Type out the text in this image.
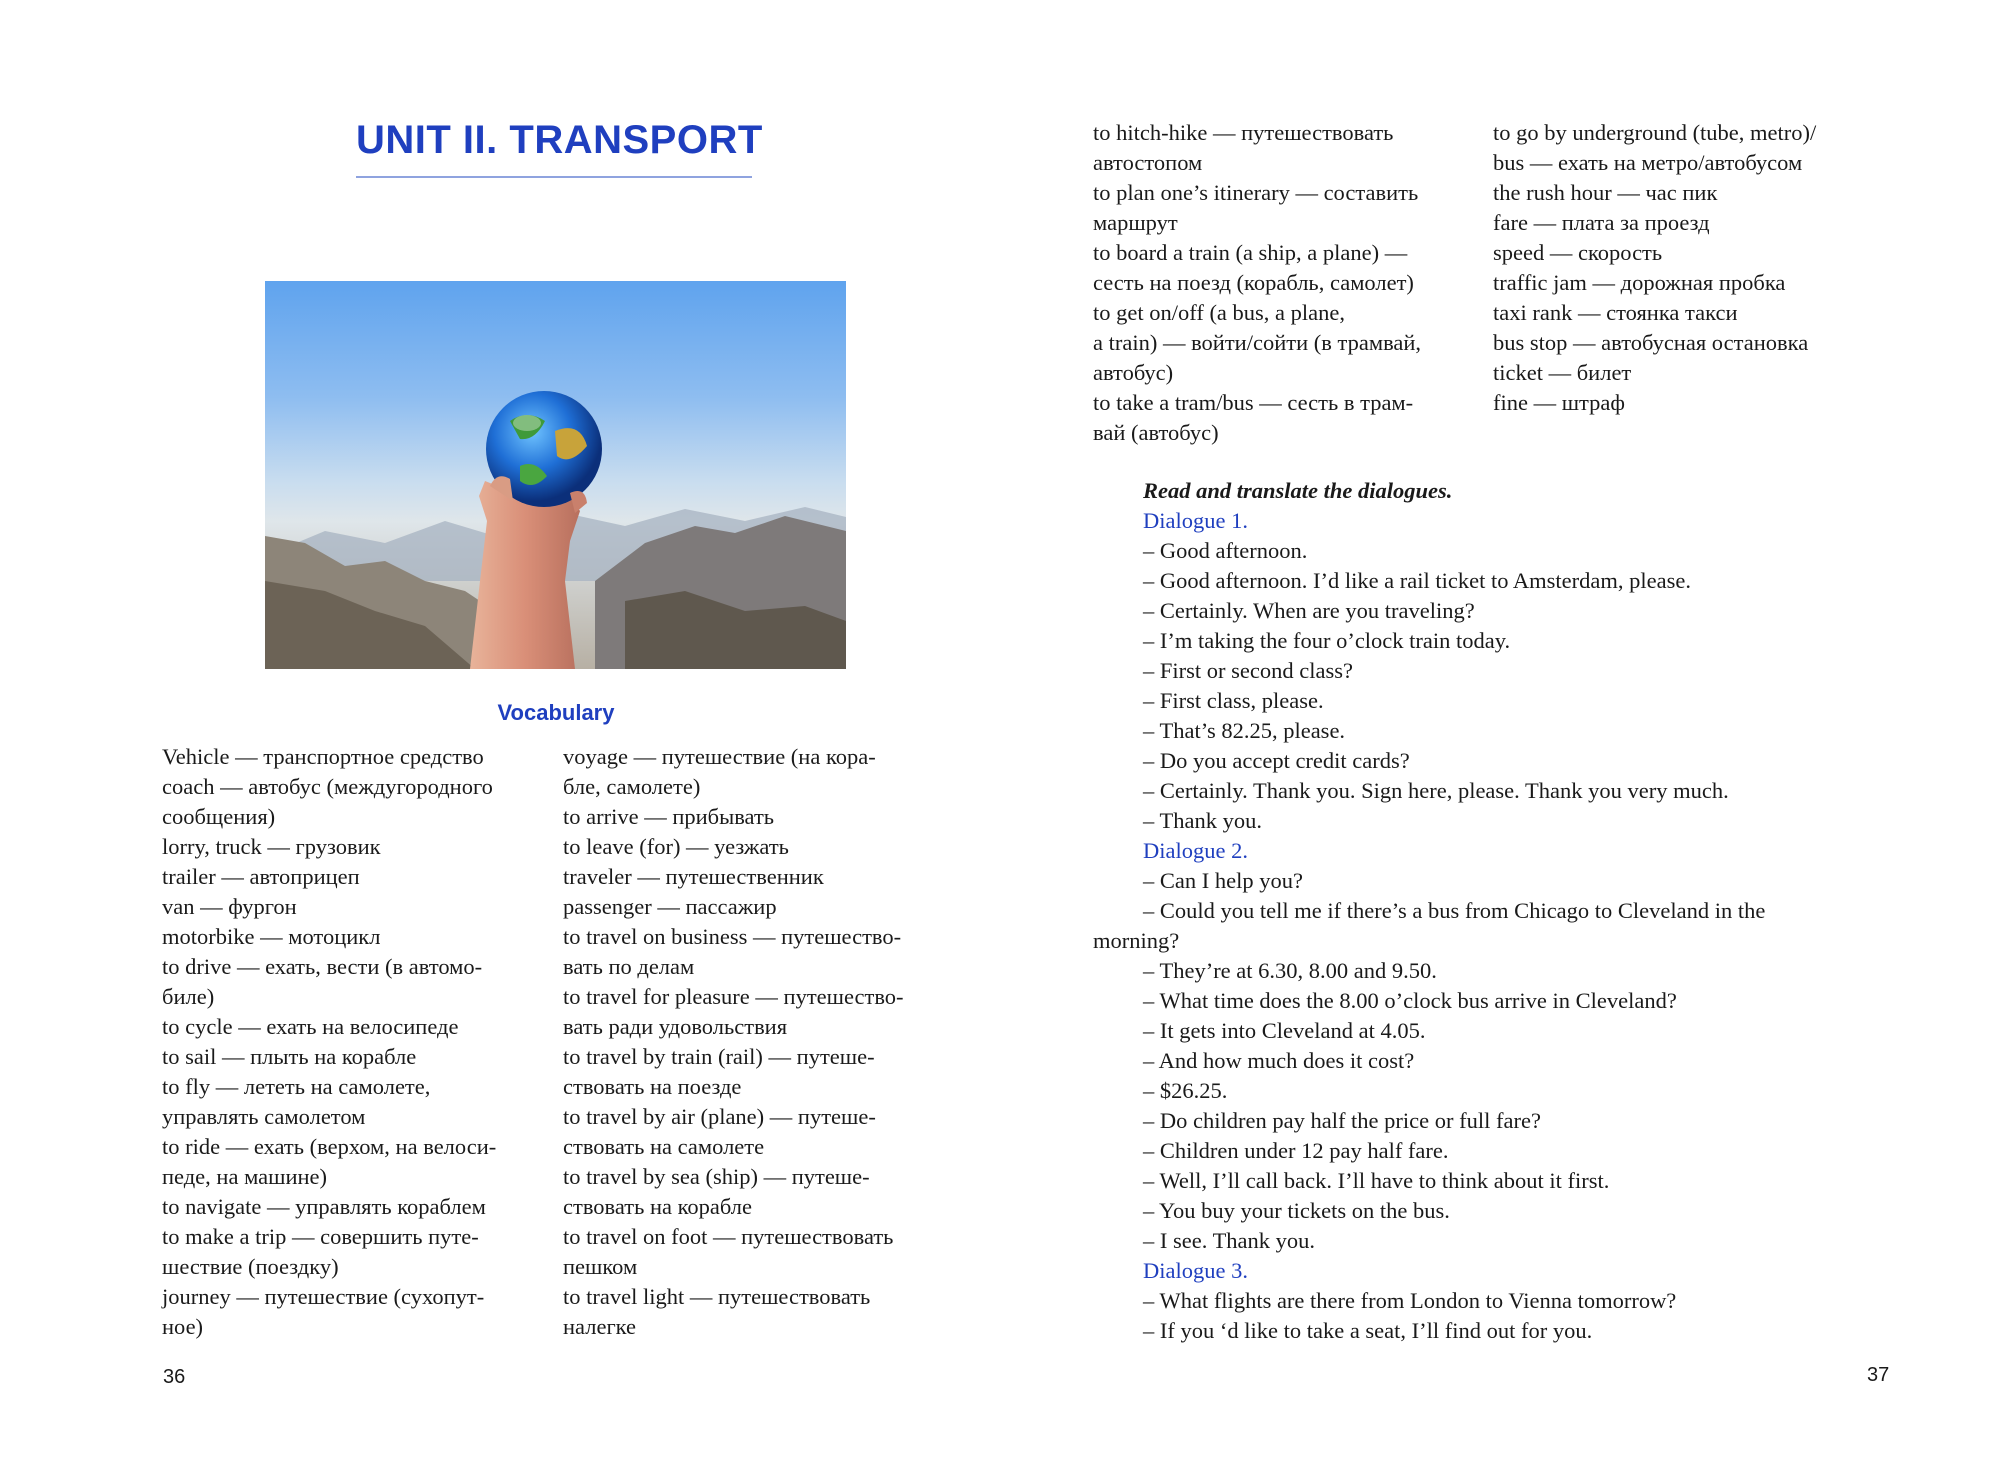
UNIT II. TRANSPORT
Vocabulary
Vehicle — транспортное средство
coach — автобус (междугородного
сообщения)
lorry, truck — грузовик
trailer — автоприцеп
van — фургон
motorbike — мотоцикл
to drive — ехать, вести (в автомо-
биле)
to cycle — ехать на велосипеде
to sail — плыть на корабле
to fly — лететь на самолете,
управлять самолетом
to ride — ехать (верхом, на велоси-
педе, на машине)
to navigate — управлять кораблем
to make a trip — совершить путе-
шествие (поездку)
journey — путешествие (сухопут-
ное)
voyage — путешествие (на кора-
бле, самолете)
to arrive — прибывать
to leave (for) — уезжать
traveler — путешественник
passenger — пассажир
to travel on business — путешество-
вать по делам
to travel for pleasure — путешество-
вать ради удовольствия
to travel by train (rail) — путеше-
ствовать на поезде
to travel by air (plane) — путеше-
ствовать на самолете
to travel by sea (ship) — путеше-
ствовать на корабле
to travel on foot — путешествовать
пешком
to travel light — путешествовать
налегке
36
to hitch-hike — путешествовать
автостопом
to plan one’s itinerary — составить
маршрут
to board a train (a ship, a plane) —
сесть на поезд (корабль, самолет)
to get on/off (a bus, a plane,
a train) — войти/сойти (в трамвай,
автобус)
to take a tram/bus — сесть в трам-
вай (автобус)
to go by underground (tube, metro)/
bus — ехать на метро/автобусом
the rush hour — час пик
fare — плата за проезд
speed — скорость
traffic jam — дорожная пробка
taxi rank — стоянка такси
bus stop — автобусная остановка
ticket — билет
fine — штраф
Read and translate the dialogues.
Dialogue 1.
– Good afternoon.
– Good afternoon. I’d like a rail ticket to Amsterdam, please.
– Certainly. When are you traveling?
– I’m taking the four o’clock train today.
– First or second class?
– First class, please.
– That’s 82.25, please.
– Do you accept credit cards?
– Certainly. Thank you. Sign here, please. Thank you very much.
– Thank you.
Dialogue 2.
– Can I help you?
– Could you tell me if there’s a bus from Chicago to Cleveland in the
morning?
– They’re at 6.30, 8.00 and 9.50.
– What time does the 8.00 o’clock bus arrive in Cleveland?
– It gets into Cleveland at 4.05.
– And how much does it cost?
– $26.25.
– Do children pay half the price or full fare?
– Children under 12 pay half fare.
– Well, I’ll call back. I’ll have to think about it first.
– You buy your tickets on the bus.
– I see. Thank you.
Dialogue 3.
– What flights are there from London to Vienna tomorrow?
– If you ‘d like to take a seat, I’ll find out for you.
37
